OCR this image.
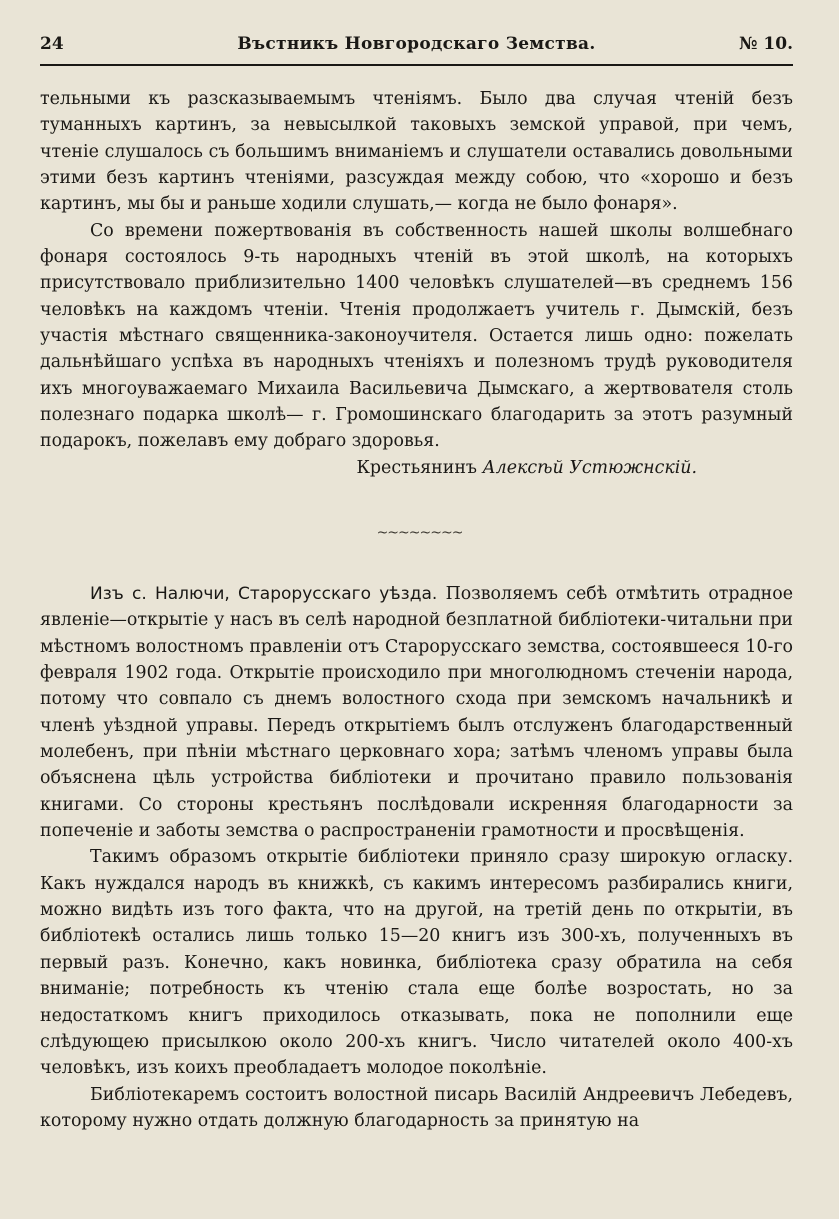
24	Въстникъ Новгородскаго Земства.	№ 10.

тельными къ разсказываемымъ чтеніямъ. Было два случая чтеній безъ туманныхъ картинъ, за невысылкой таковыхъ земской управой, при чемъ, чтеніе слушалось съ большимъ вниманіемъ и слушатели оставались довольными этими безъ картинъ чтеніями, разсуждая между собою, что «хорошо и безъ картинъ, мы бы и раньше ходили слушать,— когда не было фонаря».

Со времени пожертвованія въ собственность нашей школы волшебнаго фонаря состоялось 9-ть народныхъ чтеній въ этой школѣ, на которыхъ присутствовало приблизительно 1400 человѣкъ слушателей—въ среднемъ 156 человѣкъ на каждомъ чтеніи. Чтенія продолжаетъ учитель г. Дымскій, безъ участія мѣстнаго священника-законоучителя. Остается лишь одно: пожелать дальнѣйшаго успѣха въ народныхъ чтеніяхъ и полезномъ трудѣ руководителя ихъ многоуважаемаго Михаила Васильевича Дымскаго, а жертвователя столь полезнаго подарка школѣ— г. Громошинскаго благодарить за этотъ разумный подарокъ, пожелавъ ему добраго здоровья.

Крестьянинъ Алексѣй Устюжнскій.
~~~~~~~~

Изъ с. Налючи, Старорусскаго уѣзда. Позволяемъ себѣ отмѣтить отрадное явленіе—открытіе у насъ въ селѣ народной безплатной библіотеки-читальни при мѣстномъ волостномъ правленіи отъ Старорусскаго земства, состоявшееся 10-го февраля 1902 года. Открытіе происходило при многолюдномъ стеченіи народа, потому что совпало съ днемъ волостного схода при земскомъ начальникѣ и членѣ уѣздной управы. Передъ открытіемъ былъ отслуженъ благодарственный молебенъ, при пѣніи мѣстнаго церковнаго хора; затѣмъ членомъ управы была объяснена цѣль устройства библіотеки и прочитано правило пользованія книгами. Со стороны крестьянъ послѣдовали искренняя благодарности за попеченіе и заботы земства о распространеніи грамотности и просвѣщенія.

Такимъ образомъ открытіе библіотеки приняло сразу широкую огласку. Какъ нуждался народъ въ книжкѣ, съ какимъ интересомъ разбирались книги, можно видѣть изъ того факта, что на другой, на третій день по открытіи, въ библіотекѣ остались лишь только 15—20 книгъ изъ 300-хъ, полученныхъ въ первый разъ. Конечно, какъ новинка, библіотека сразу обратила на себя вниманіе; потребность къ чтенію стала еще болѣе возростать, но за недостаткомъ книгъ приходилось отказывать, пока не пополнили еще слѣдующею присылкою около 200-хъ книгъ. Число читателей около 400-хъ человѣкъ, изъ коихъ преобладаетъ молодое поколѣніе.

Библіотекаремъ состоитъ волостной писарь Василій Андреевичъ Лебедевъ, которому нужно отдать должную благодарность за принятую на
